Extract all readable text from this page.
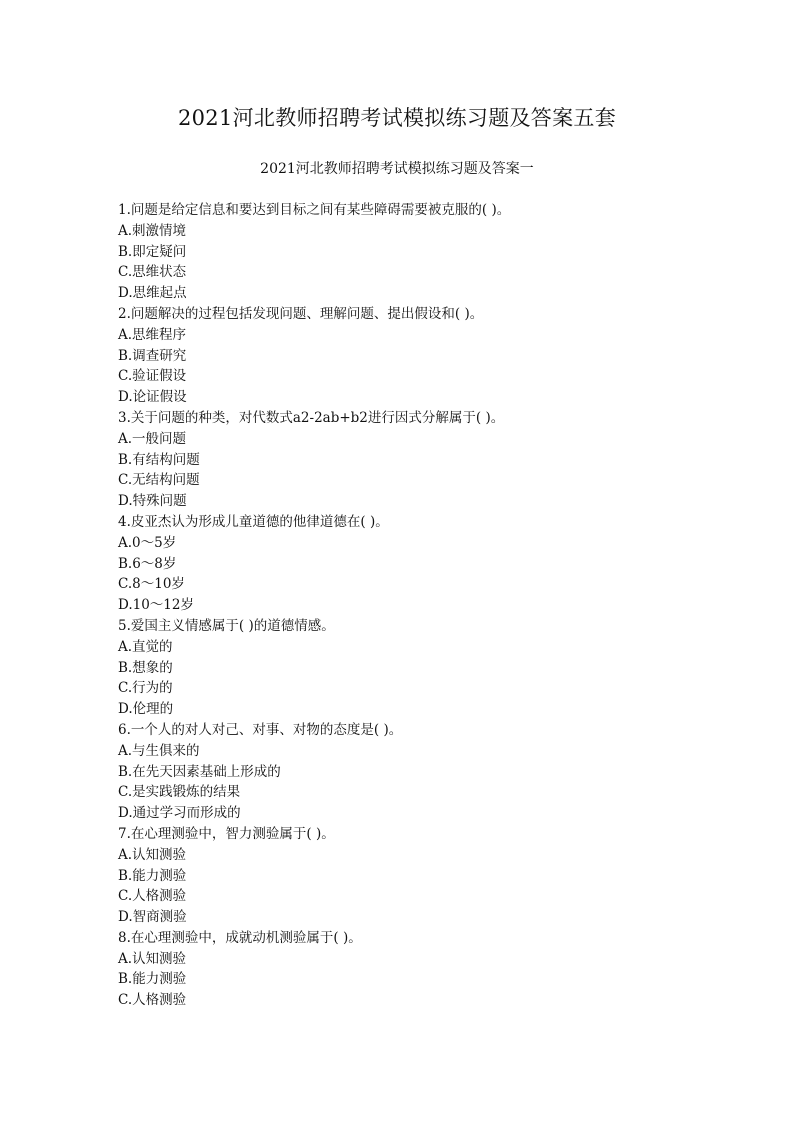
2021河北教师招聘考试模拟练习题及答案五套
2021河北教师招聘考试模拟练习题及答案一
1.问题是给定信息和要达到目标之间有某些障碍需要被克服的( )。
A.刺激情境
B.即定疑问
C.思维状态
D.思维起点
2.问题解决的过程包括发现问题、理解问题、提出假设和( )。
A.思维程序
B.调查研究
C.验证假设
D.论证假设
3.关于问题的种类，对代数式a2-2ab+b2进行因式分解属于( )。
A.一般问题
B.有结构问题
C.无结构问题
D.特殊问题
4.皮亚杰认为形成儿童道德的他律道德在( )。
A.0～5岁
B.6～8岁
C.8～10岁
D.10～12岁
5.爱国主义情感属于( )的道德情感。
A.直觉的
B.想象的
C.行为的
D.伦理的
6.一个人的对人对己、对事、对物的态度是( )。
A.与生俱来的
B.在先天因素基础上形成的
C.是实践锻炼的结果
D.通过学习而形成的
7.在心理测验中，智力测验属于( )。
A.认知测验
B.能力测验
C.人格测验
D.智商测验
8.在心理测验中，成就动机测验属于( )。
A.认知测验
B.能力测验
C.人格测验
